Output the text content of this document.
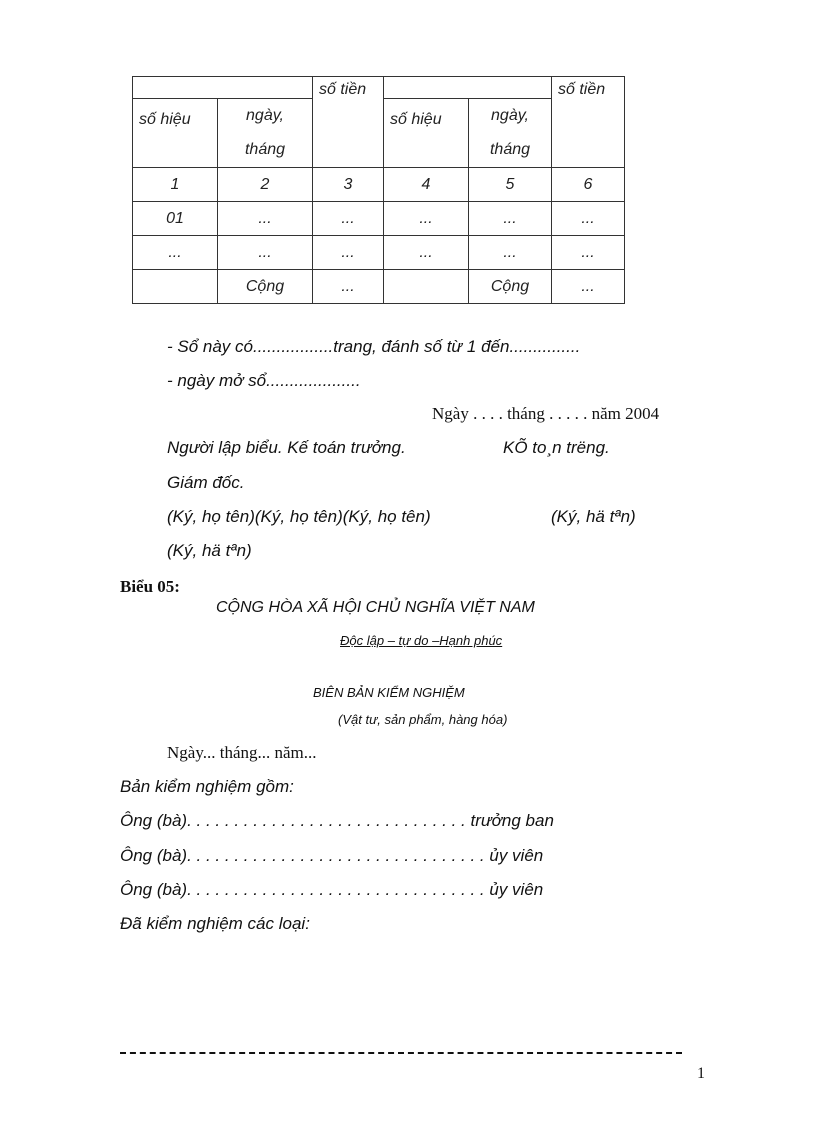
		số tiền			số tiền
số hiệu	ngày, tháng		số hiệu	ngày, tháng	
1	2	3	4	5	6
01	...	...	...	...	...
...	...	...	...	...	...
	Cộng	...		Cộng	...
- Sổ này có.................trang, đánh số từ 1 đến...............
- ngày mở sổ....................
Ngày . . . . tháng . . . . . năm 2004
Người lập biểu. Kế toán trưởng.	KÕ to¸n trëng.
Giám đốc.
(Ký, họ tên)(Ký, họ tên)(Ký, họ tên)	(Ký, hä tªn)
(Ký, hä tªn)
Biểu 05:
CỘNG HÒA XÃ HỘI CHỦ NGHĨA VIỆT NAM
Độc lập – tự do –Hạnh phúc
BIÊN BẢN KIỂM NGHIỆM
(Vật tư, sản phẩm, hàng hóa)
Ngày... tháng... năm...
Bản kiểm nghiệm gồm:
Ông (bà). . . . . . . . . . . . . . . . . . . . . . . . . . . . . . trưởng ban
Ông (bà). . . . . . . . . . . . . . . . . . . . . . . . . . . . . . . . ủy viên
Ông (bà). . . . . . . . . . . . . . . . . . . . . . . . . . . . . . . . ủy viên
Đã kiểm nghiệm các loại:
1
